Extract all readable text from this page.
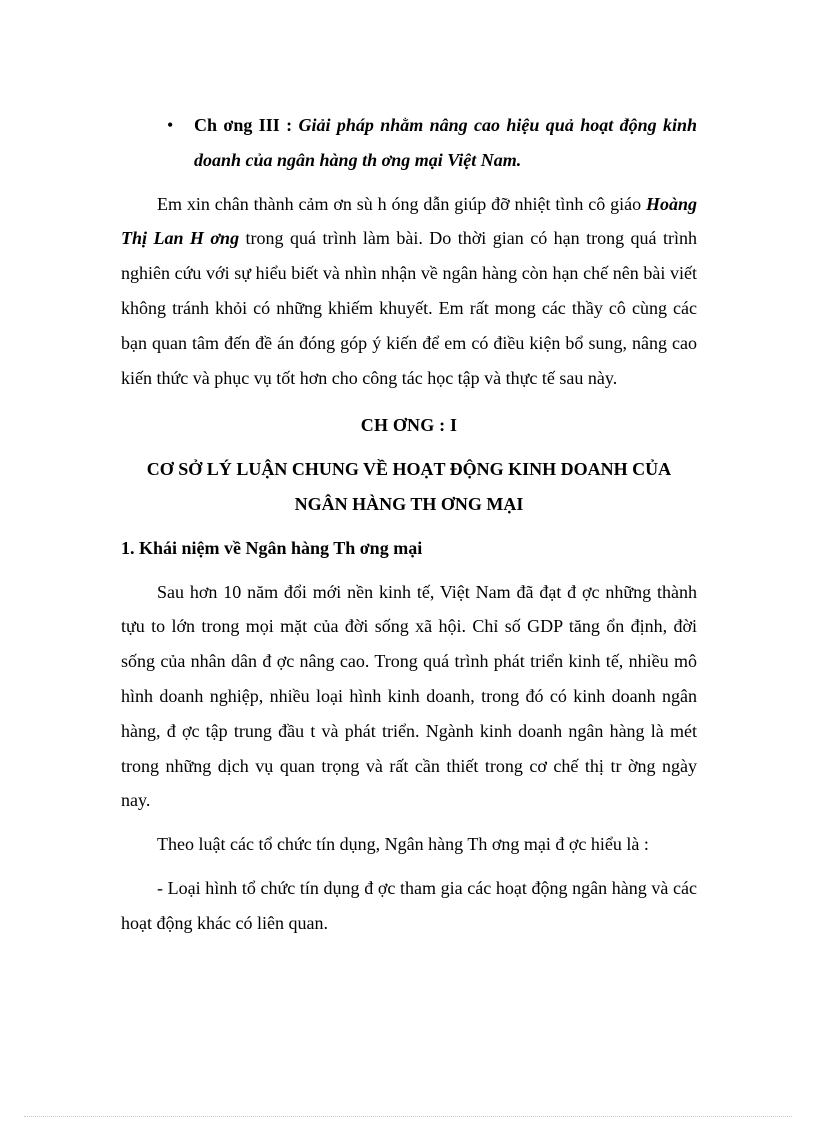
• Ch ơng III : Giải pháp nhằm nâng cao hiệu quả hoạt động kinh doanh của ngân hàng th ơng mại Việt Nam.

Em xin chân thành cảm ơn sù h óng dẫn giúp đỡ nhiệt tình cô giáo Hoàng Thị Lan H ơng trong quá trình làm bài. Do thời gian có hạn trong quá trình nghiên cứu với sự hiểu biết và nhìn nhận về ngân hàng còn hạn chế nên bài viết không tránh khỏi có những khiếm khuyết. Em rất mong các thầy cô cùng các bạn quan tâm đến đề án đóng góp ý kiến để em có điều kiện bổ sung, nâng cao kiến thức và phục vụ tốt hơn cho công tác học tập và thực tế sau này.

CH ƠNG : I

CƠ SỞ LÝ LUẬN CHUNG VỀ HOẠT ĐỘNG KINH DOANH CỦA

NGÂN HÀNG TH ƠNG MẠI

1. Khái niệm về Ngân hàng Th ơng mại

Sau hơn 10 năm đổi mới nền kinh tế, Việt Nam đã đạt đ ợc những thành tựu to lớn trong mọi mặt của đời sống xã hội. Chỉ số GDP tăng ổn định, đời sống của nhân dân đ ợc nâng cao. Trong quá trình phát triển kinh tế, nhiều mô hình doanh nghiệp, nhiều loại hình kinh doanh, trong đó có kinh doanh ngân hàng, đ ợc tập trung đầu t và phát triển. Ngành kinh doanh ngân hàng là mét trong những dịch vụ quan trọng và rất cần thiết trong cơ chế thị tr ờng ngày nay.

Theo luật các tổ chức tín dụng, Ngân hàng Th ơng mại đ ợc hiểu là :

- Loại hình tổ chức tín dụng đ ợc tham gia các hoạt động ngân hàng và các hoạt động khác có liên quan.
